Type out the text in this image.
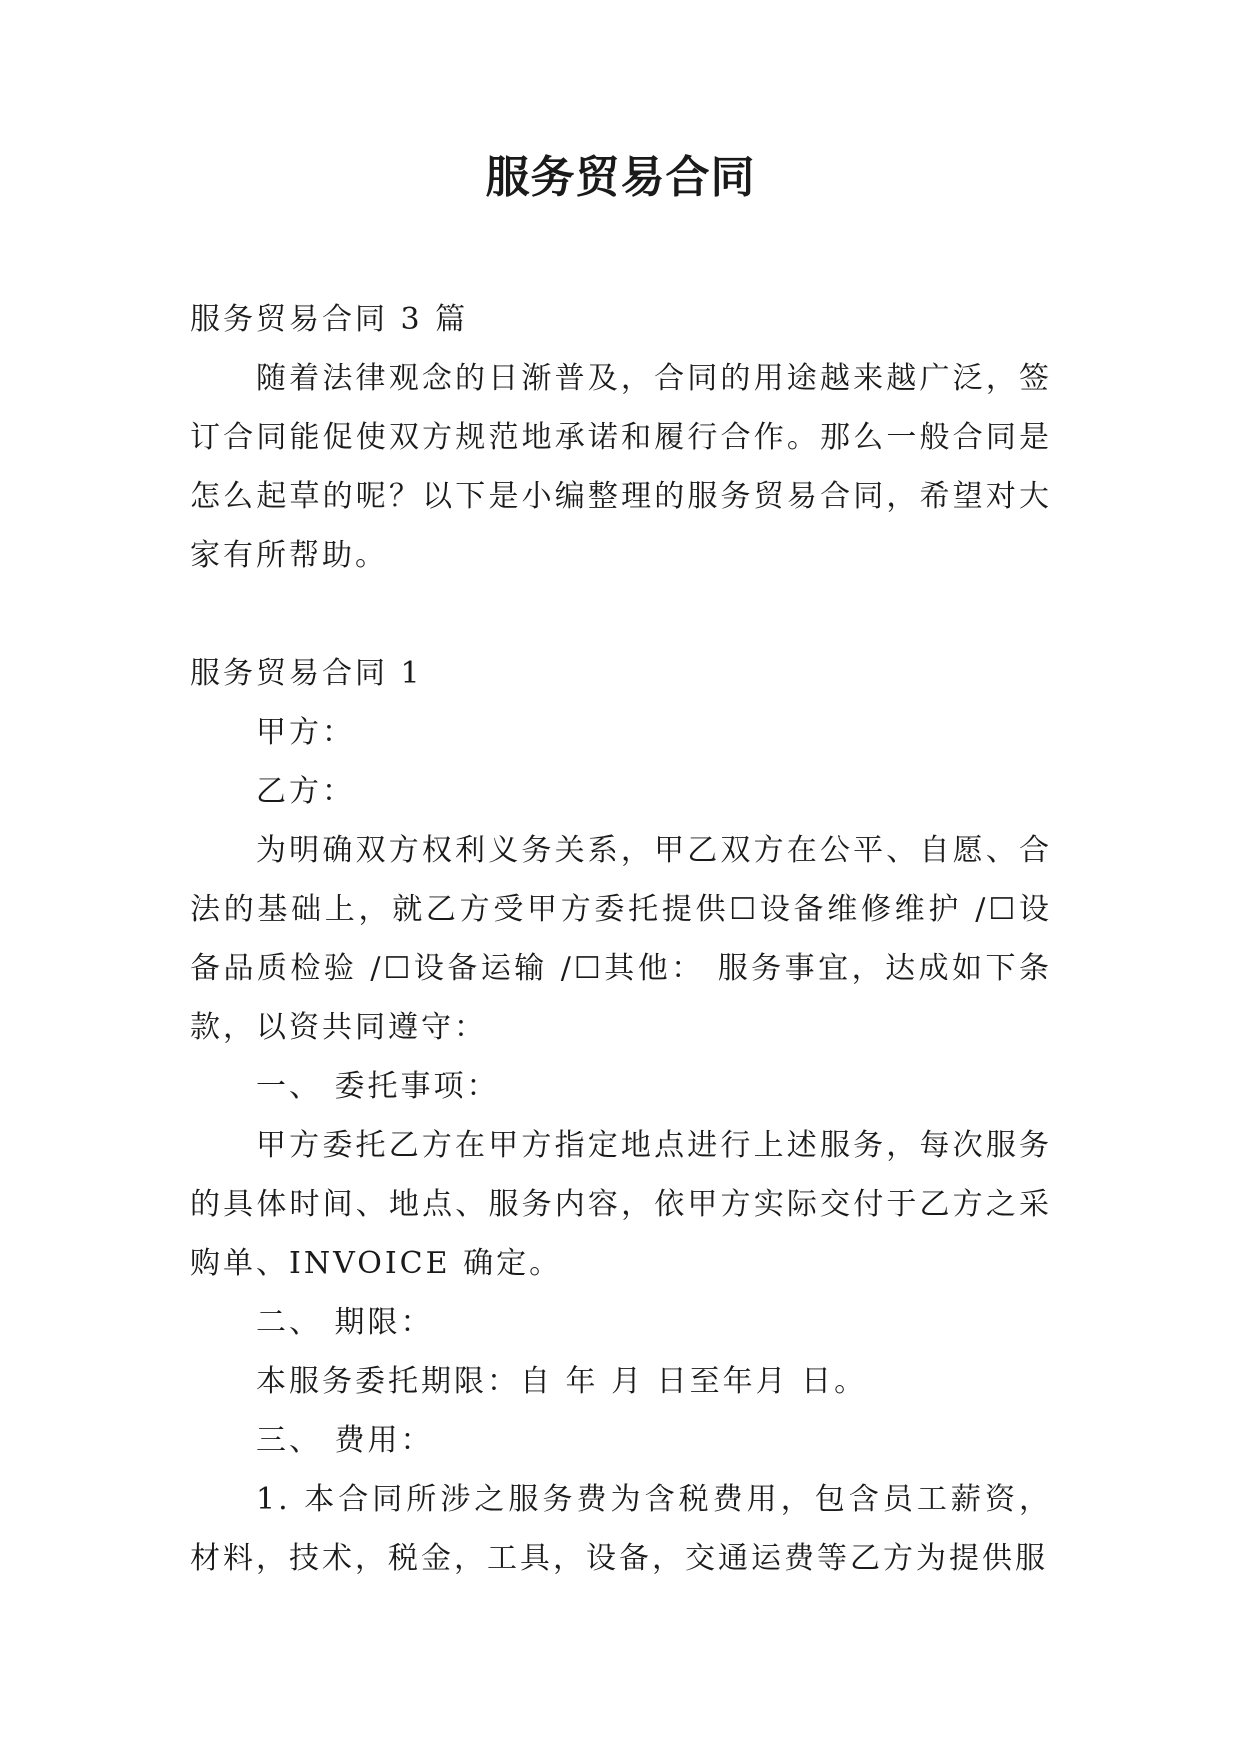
服务贸易合同

服务贸易合同 3 篇

随着法律观念的日渐普及，合同的用途越来越广泛，签订合同能促使双方规范地承诺和履行合作。那么一般合同是怎么起草的呢？以下是小编整理的服务贸易合同，希望对大家有所帮助。

服务贸易合同 1

甲方：

乙方：

为明确双方权利义务关系，甲乙双方在公平、自愿、合法的基础上，就乙方受甲方委托提供☐设备维修维护 /☐设备品质检验 /☐设备运输 /☐其他： 服务事宜，达成如下条款，以资共同遵守：

一、 委托事项：

甲方委托乙方在甲方指定地点进行上述服务，每次服务的具体时间、地点、服务内容，依甲方实际交付于乙方之采购单、INVOICE 确定。

二、 期限：

本服务委托期限：自 年 月 日至年月 日。

三、 费用：

1. 本合同所涉之服务费为含税费用，包含员工薪资，材料，技术，税金，工具，设备，交通运费等乙方为提供服
